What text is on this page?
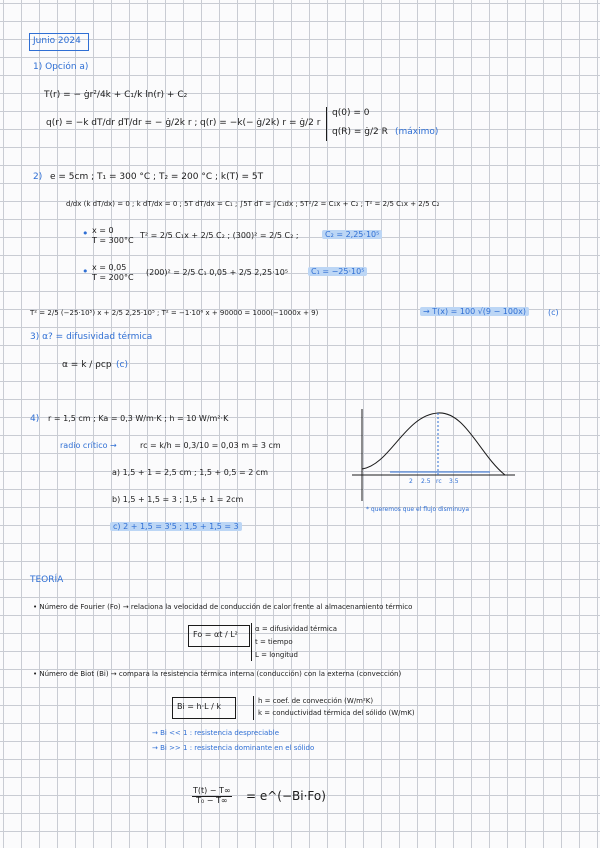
Junio 2024
1) Opción a)
T(r) = − ġr²/4k + C₁/k ln(r) + C₂
q(r) = −k dT/dr ;
dT/dr = − ġ/2k r ; q(r) = −k(− ġ/2k) r = ġ/2 r
q(0) = 0
q(R) = ġ/2 R (máximo)
2) e = 5cm ; T₁ = 300 °C ; T₂ = 200 °C ; k(T) = 5T
d/dx (k dT/dx) = 0 ; k dT/dx = 0 ; 5T dT/dx = C₁ ; ∫5T dT = ∫C₁dx ; 5T²/2 = C₁x + C₂ ; T² = 2/5 C₁x + 2/5 C₂
• x = 0
T = 300°C
T² = 2/5 C₁x + 2/5 C₂ ; (300)² = 2/5 C₂ ;	C₂ = 2,25·10⁵
• x = 0,05
T = 200°C
(200)² = 2/5 C₁ 0,05 + 2/5 2,25·10⁵	C₁ = −25·10⁵
T² = 2/5 (−25·10⁵) x + 2/5 2,25·10⁵ ; T² = −1·10⁶ x + 90000 = 1000(−1000x + 9)	→ T(x) = 100 √(9 − 100x)	(c)
3) α? = difusividad térmica
α = k / ρcp (c)
4) r = 1,5 cm ; Ka = 0,3 W/m·K ; h = 10 W/m²·K
radio crítico →	rc = k/h = 0,3/10 = 0,03 m = 3 cm
a) 1,5 + 1 = 2,5 cm ; 1,5 + 0,5 = 2 cm
b) 1,5 + 1,5 = 3 ; 1,5 + 1 = 2cm
c) 2 + 1,5 = 3'5 ; 1,5 + 1,5 = 3
2 2.5 rc 3.5
* queremos que el flujo disminuya
TEORÍA
• Número de Fourier (Fo) → relaciona la velocidad de conducción de calor frente al almacenamiento térmico
Fo = αt / L²
α = difusividad térmica
t = tiempo
L = longitud
• Número de Biot (Bi) → compara la resistencia térmica interna (conducción) con la externa (convección)
Bi = h·L / k
h = coef. de convección (W/m²K)
k = conductividad térmica del sólido (W/mK)
→ Bi << 1 : resistencia despreciable
→ Bi >> 1 : resistencia dominante en el sólido
$\frac{T(t) - T\infty}{\text{T₀ − T∞}}$ = e^(−Bi·Fo)
